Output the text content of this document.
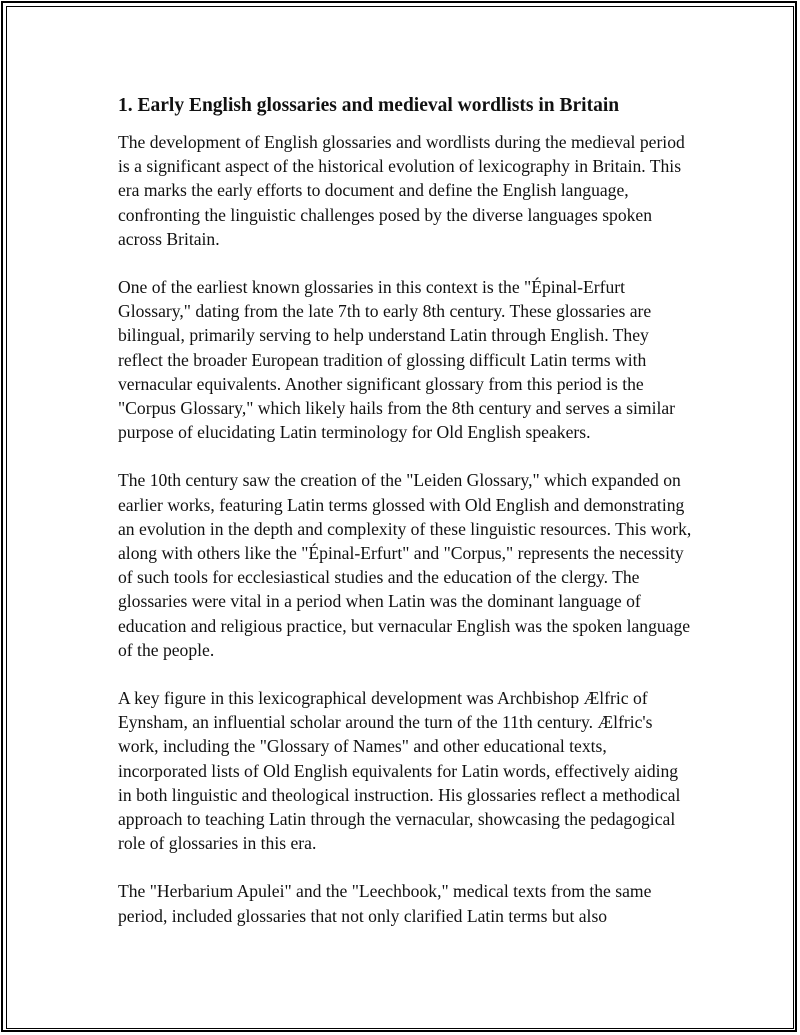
1. Early English glossaries and medieval wordlists in Britain

The development of English glossaries and wordlists during the medieval period is a significant aspect of the historical evolution of lexicography in Britain. This era marks the early efforts to document and define the English language, confronting the linguistic challenges posed by the diverse languages spoken across Britain.

One of the earliest known glossaries in this context is the "Épinal-Erfurt Glossary," dating from the late 7th to early 8th century. These glossaries are bilingual, primarily serving to help understand Latin through English. They reflect the broader European tradition of glossing difficult Latin terms with vernacular equivalents. Another significant glossary from this period is the "Corpus Glossary," which likely hails from the 8th century and serves a similar purpose of elucidating Latin terminology for Old English speakers.

The 10th century saw the creation of the "Leiden Glossary," which expanded on earlier works, featuring Latin terms glossed with Old English and demonstrating an evolution in the depth and complexity of these linguistic resources. This work, along with others like the "Épinal-Erfurt" and "Corpus," represents the necessity of such tools for ecclesiastical studies and the education of the clergy. The glossaries were vital in a period when Latin was the dominant language of education and religious practice, but vernacular English was the spoken language of the people.

A key figure in this lexicographical development was Archbishop Ælfric of Eynsham, an influential scholar around the turn of the 11th century. Ælfric's work, including the "Glossary of Names" and other educational texts, incorporated lists of Old English equivalents for Latin words, effectively aiding in both linguistic and theological instruction. His glossaries reflect a methodical approach to teaching Latin through the vernacular, showcasing the pedagogical role of glossaries in this era.

The "Herbarium Apulei" and the "Leechbook," medical texts from the same period, included glossaries that not only clarified Latin terms but also
